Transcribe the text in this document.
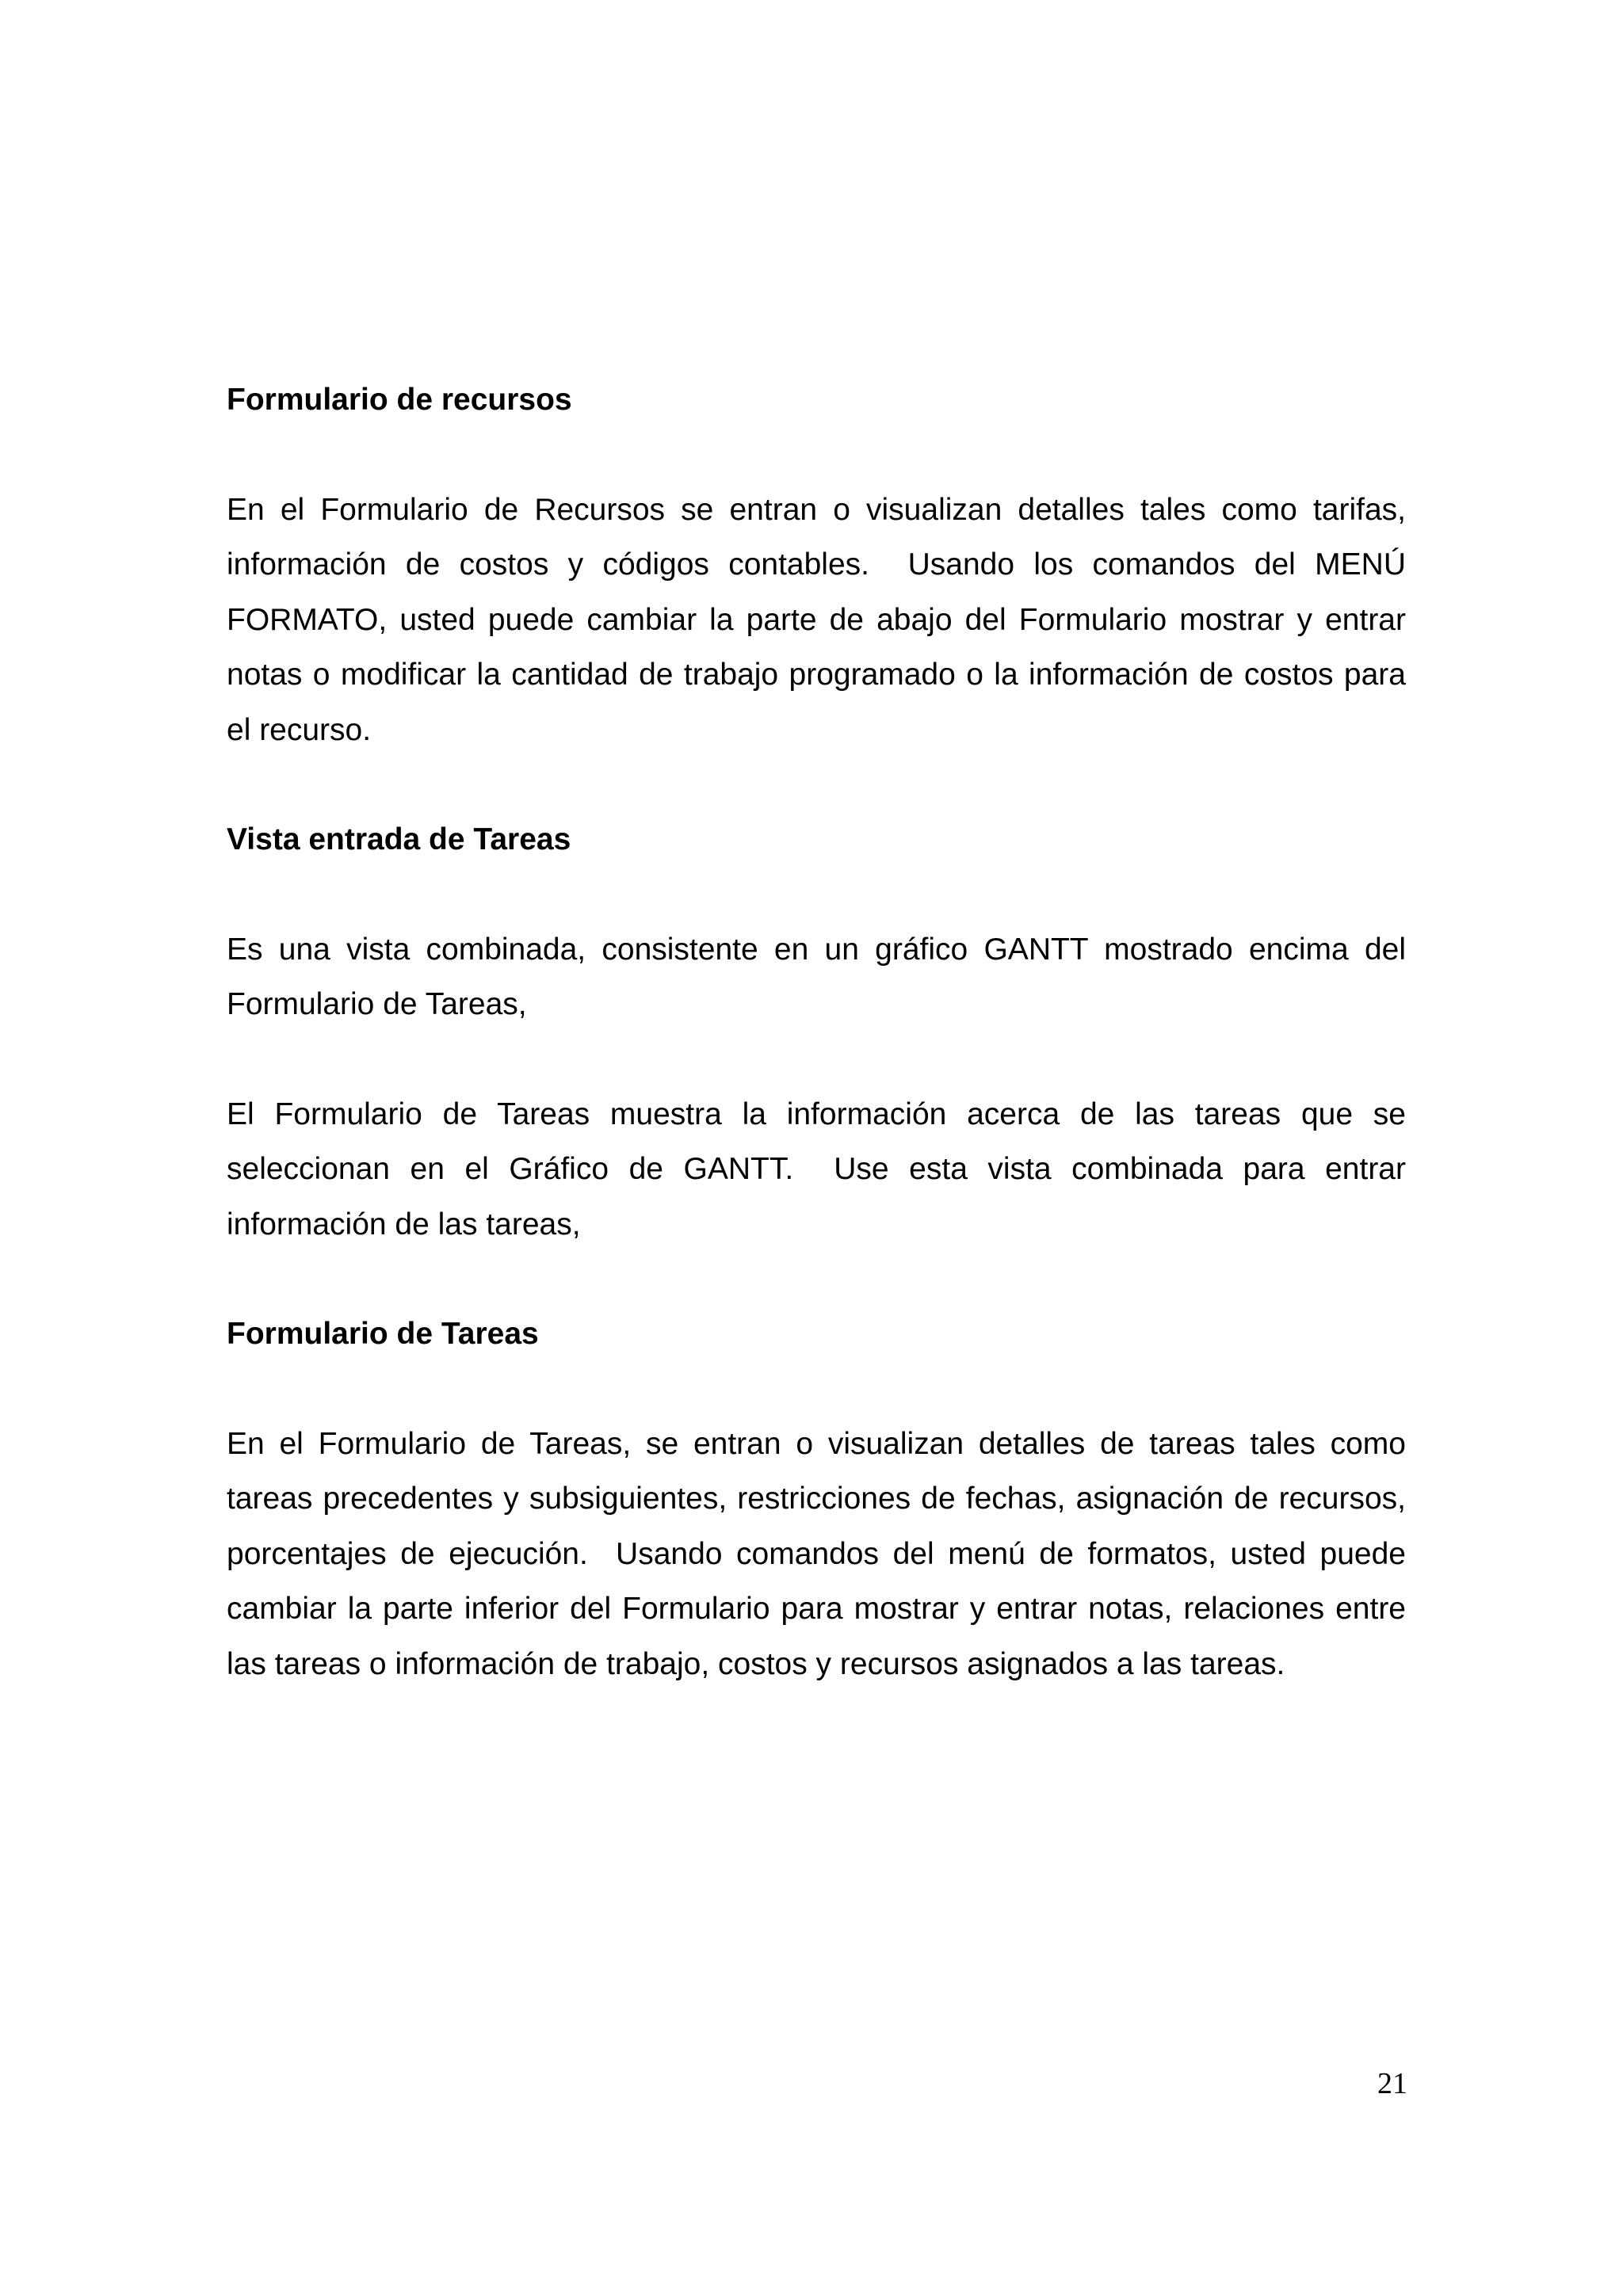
Formulario de recursos

En el Formulario de Recursos se entran o visualizan detalles tales como tarifas, información de costos y códigos contables.  Usando los comandos del MENÚ FORMATO, usted puede cambiar la parte de abajo del Formulario mostrar y entrar notas o modificar la cantidad de trabajo programado o la información de costos para el recurso.

Vista entrada de Tareas

Es una vista combinada, consistente en un gráfico GANTT mostrado encima del Formulario de Tareas,

El Formulario de Tareas muestra la información acerca de las tareas que se seleccionan en el Gráfico de GANTT.  Use esta vista combinada para entrar información de las tareas,

Formulario de Tareas

En el Formulario de Tareas, se entran o visualizan detalles de tareas tales como tareas precedentes y subsiguientes, restricciones de fechas, asignación de recursos, porcentajes de ejecución.  Usando comandos del menú de formatos, usted puede cambiar la parte inferior del Formulario para mostrar y entrar notas, relaciones entre las tareas o información de trabajo, costos y recursos asignados a las tareas.

21
